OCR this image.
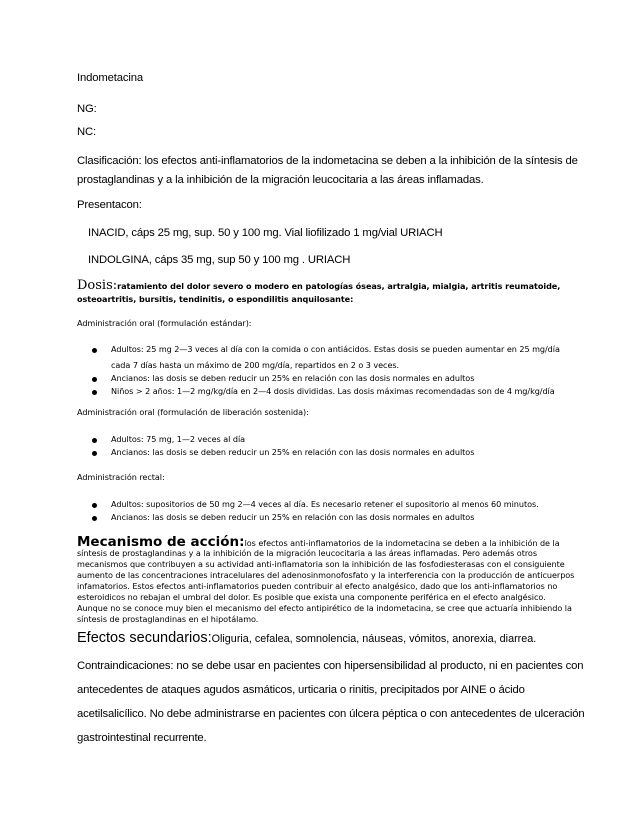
Indometacina
NG:
NC:
Clasificación: los efectos anti-inflamatorios de la indometacina se deben a la inhibición de la síntesis de
prostaglandinas y a la inhibición de la migración leucocitaria a las áreas inflamadas.
Presentacon:
INACID, cáps 25 mg, sup. 50 y 100 mg. Vial liofilizado 1 mg/vial URIACH
INDOLGINA, cáps 35 mg, sup 50 y 100 mg . URIACH
Dosis:ratamiento del dolor severo o modero en patologías óseas, artralgia, mialgia, artritis reumatoide,
osteoartritis, bursitis, tendinitis, o espondilitis anquilosante:
Administración oral (formulación estándar):
Adultos: 25 mg 2—3 veces al día con la comida o con antiácidos. Estas dosis se pueden aumentar en 25 mg/día
cada 7 días hasta un máximo de 200 mg/día, repartidos en 2 o 3 veces.
Ancianos: las dosis se deben reducir un 25% en relación con las dosis normales en adultos
Niños > 2 años: 1—2 mg/kg/día en 2—4 dosis divididas. Las dosis máximas recomendadas son de 4 mg/kg/día
Administración oral (formulación de liberación sostenida):
Adultos: 75 mg, 1—2 veces al día
Ancianos: las dosis se deben reducir un 25% en relación con las dosis normales en adultos
Administración rectal:
Adultos: supositorios de 50 mg 2—4 veces al día. Es necesario retener el supositorio al menos 60 minutos.
Ancianos: las dosis se deben reducir un 25% en relación con las dosis normales en adultos
Mecanismo de acción:los efectos anti-inflamatorios de la indometacina se deben a la inhibición de la
síntesis de prostaglandinas y a la inhibición de la migración leucocitaria a las áreas inflamadas. Pero además otros
mecanismos que contribuyen a su actividad anti-inflamatoria son la inhibición de las fosfodiesterasas con el consiguiente
aumento de las concentraciones intracelulares del adenosinmonofosfato y la interferencia con la producción de anticuerpos
infamatorios. Estos efectos anti-inflamatorios pueden contribuir al efecto analgésico, dado que los anti-inflamatorios no
esteroidicos no rebajan el umbral del dolor. Es posible que exista una componente periférica en el efecto analgésico.
Aunque no se conoce muy bien el mecanismo del efecto antipirético de la indometacina, se cree que actuaría inhibiendo la
síntesis de prostaglandinas en el hipotálamo.
Efectos secundarios:Oliguria, cefalea, somnolencia, náuseas, vómitos, anorexia, diarrea.
Contraindicaciones: no se debe usar en pacientes con hipersensibilidad al producto, ni en pacientes con
antecedentes de ataques agudos asmáticos, urticaria o rinitis, precipitados por AINE o ácido
acetilsalicílico. No debe administrarse en pacientes con úlcera péptica o con antecedentes de ulceración
gastrointestinal recurrente.
